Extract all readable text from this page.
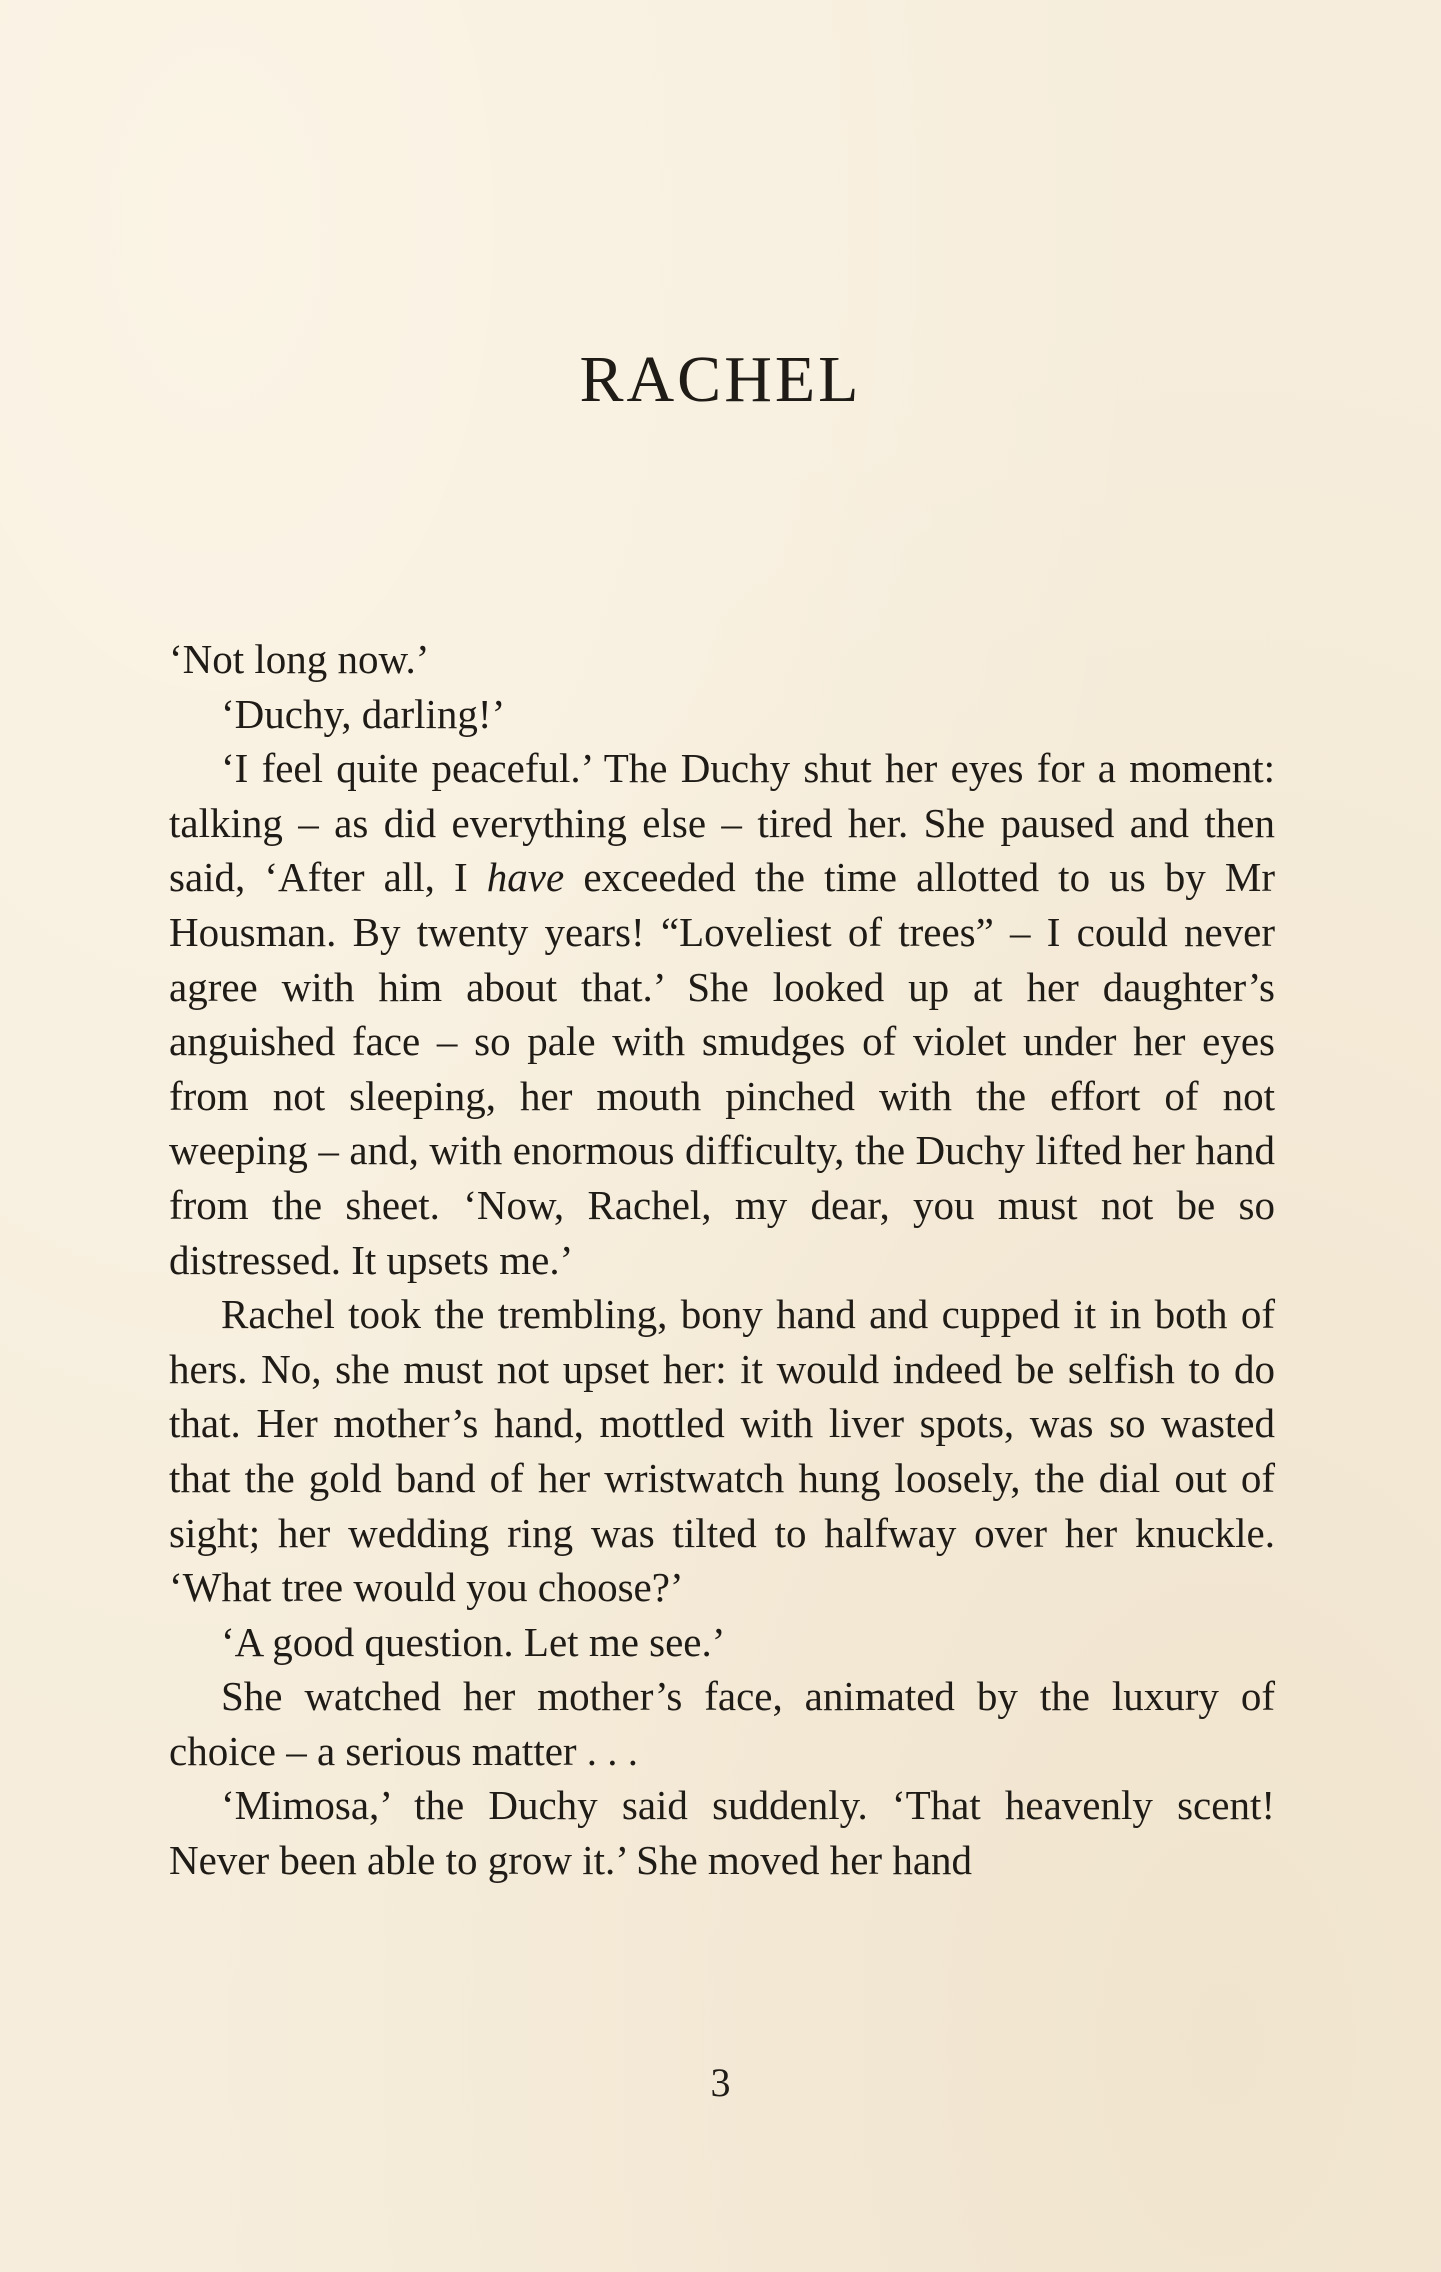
RACHEL

‘Not long now.’

‘Duchy, darling!’

‘I feel quite peaceful.’ The Duchy shut her eyes for a moment: talking – as did everything else – tired her. She paused and then said, ‘After all, I have exceeded the time allotted to us by Mr Housman. By twenty years! “Loveliest of trees” – I could never agree with him about that.’ She looked up at her daughter’s anguished face – so pale with smudges of violet under her eyes from not sleeping, her mouth pinched with the effort of not weeping – and, with enormous difficulty, the Duchy lifted her hand from the sheet. ‘Now, Rachel, my dear, you must not be so distressed. It upsets me.’

Rachel took the trembling, bony hand and cupped it in both of hers. No, she must not upset her: it would indeed be selfish to do that. Her mother’s hand, mottled with liver spots, was so wasted that the gold band of her wristwatch hung loosely, the dial out of sight; her wedding ring was tilted to halfway over her knuckle. ‘What tree would you choose?’

‘A good question. Let me see.’

She watched her mother’s face, animated by the luxury of choice – a serious matter . . .

‘Mimosa,’ the Duchy said suddenly. ‘That heavenly scent! Never been able to grow it.’ She moved her hand

3
